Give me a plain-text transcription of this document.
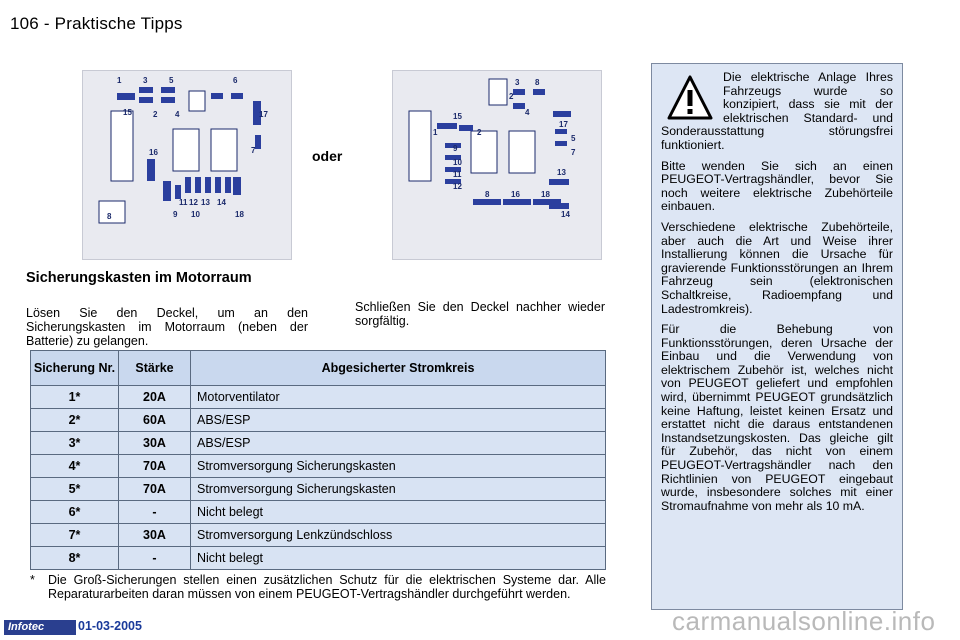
106 - Praktische Tipps
1	3	5	6
15	2 4	17
7
16
8
11 12 13 14
9 10	18
oder
3 8
2
4
17
1
15
2
9
5
7
10
11
12
13
8	16	18
14
Sicherungskasten im Motorraum
Lösen Sie den Deckel, um an den Sicherungskasten im Motorraum (neben der Batterie) zu gelangen.
Schließen Sie den Deckel nachher wieder sorgfältig.
Sicherung Nr.	Stärke	Abgesicherter Stromkreis
1*	20A	Motorventilator
2*	60A	ABS/ESP
3*	30A	ABS/ESP
4*	70A	Stromversorgung Sicherungskasten
5*	70A	Stromversorgung Sicherungskasten
6*	-	Nicht belegt
7*	30A	Stromversorgung Lenkzündschloss
8*	-	Nicht belegt
*	Die Groß-Sicherungen stellen einen zusätzlichen Schutz für die elektrischen Systeme dar. Alle Reparaturarbeiten daran müssen von einem PEUGEOT-Vertragshändler durchgeführt werden.

Die elektrische Anlage Ihres Fahrzeugs wurde so konzipiert, dass sie mit der elektrischen Standard- und Sonderausstattung störungsfrei funktioniert.

Bitte wenden Sie sich an einen PEUGEOT-Vertragshändler, bevor Sie noch weitere elektrische Zubehörteile einbauen.

Verschiedene elektrische Zubehörteile, aber auch die Art und Weise ihrer Installierung können die Ursache für gravierende Funktionsstörungen an Ihrem Fahrzeug sein (elektronischen Schaltkreise, Radioempfang und Ladestromkreis).

Für die Behebung von Funktionsstörungen, deren Ursache der Einbau und die Verwendung von elektrischem Zubehör ist, welches nicht von PEUGEOT geliefert und empfohlen wird, übernimmt PEUGEOT grundsätzlich keine Haftung, leistet keinen Ersatz und erstattet nicht die daraus entstandenen Instandsetzungskosten. Das gleiche gilt für Zubehör, das nicht von einem PEUGEOT-Vertragshändler nach den Richtlinien von PEUGEOT eingebaut wurde, insbesondere solches mit einer Stromaufnahme von mehr als 10 mA.

Infotec	01-03-2005	carmanualsonline.info
